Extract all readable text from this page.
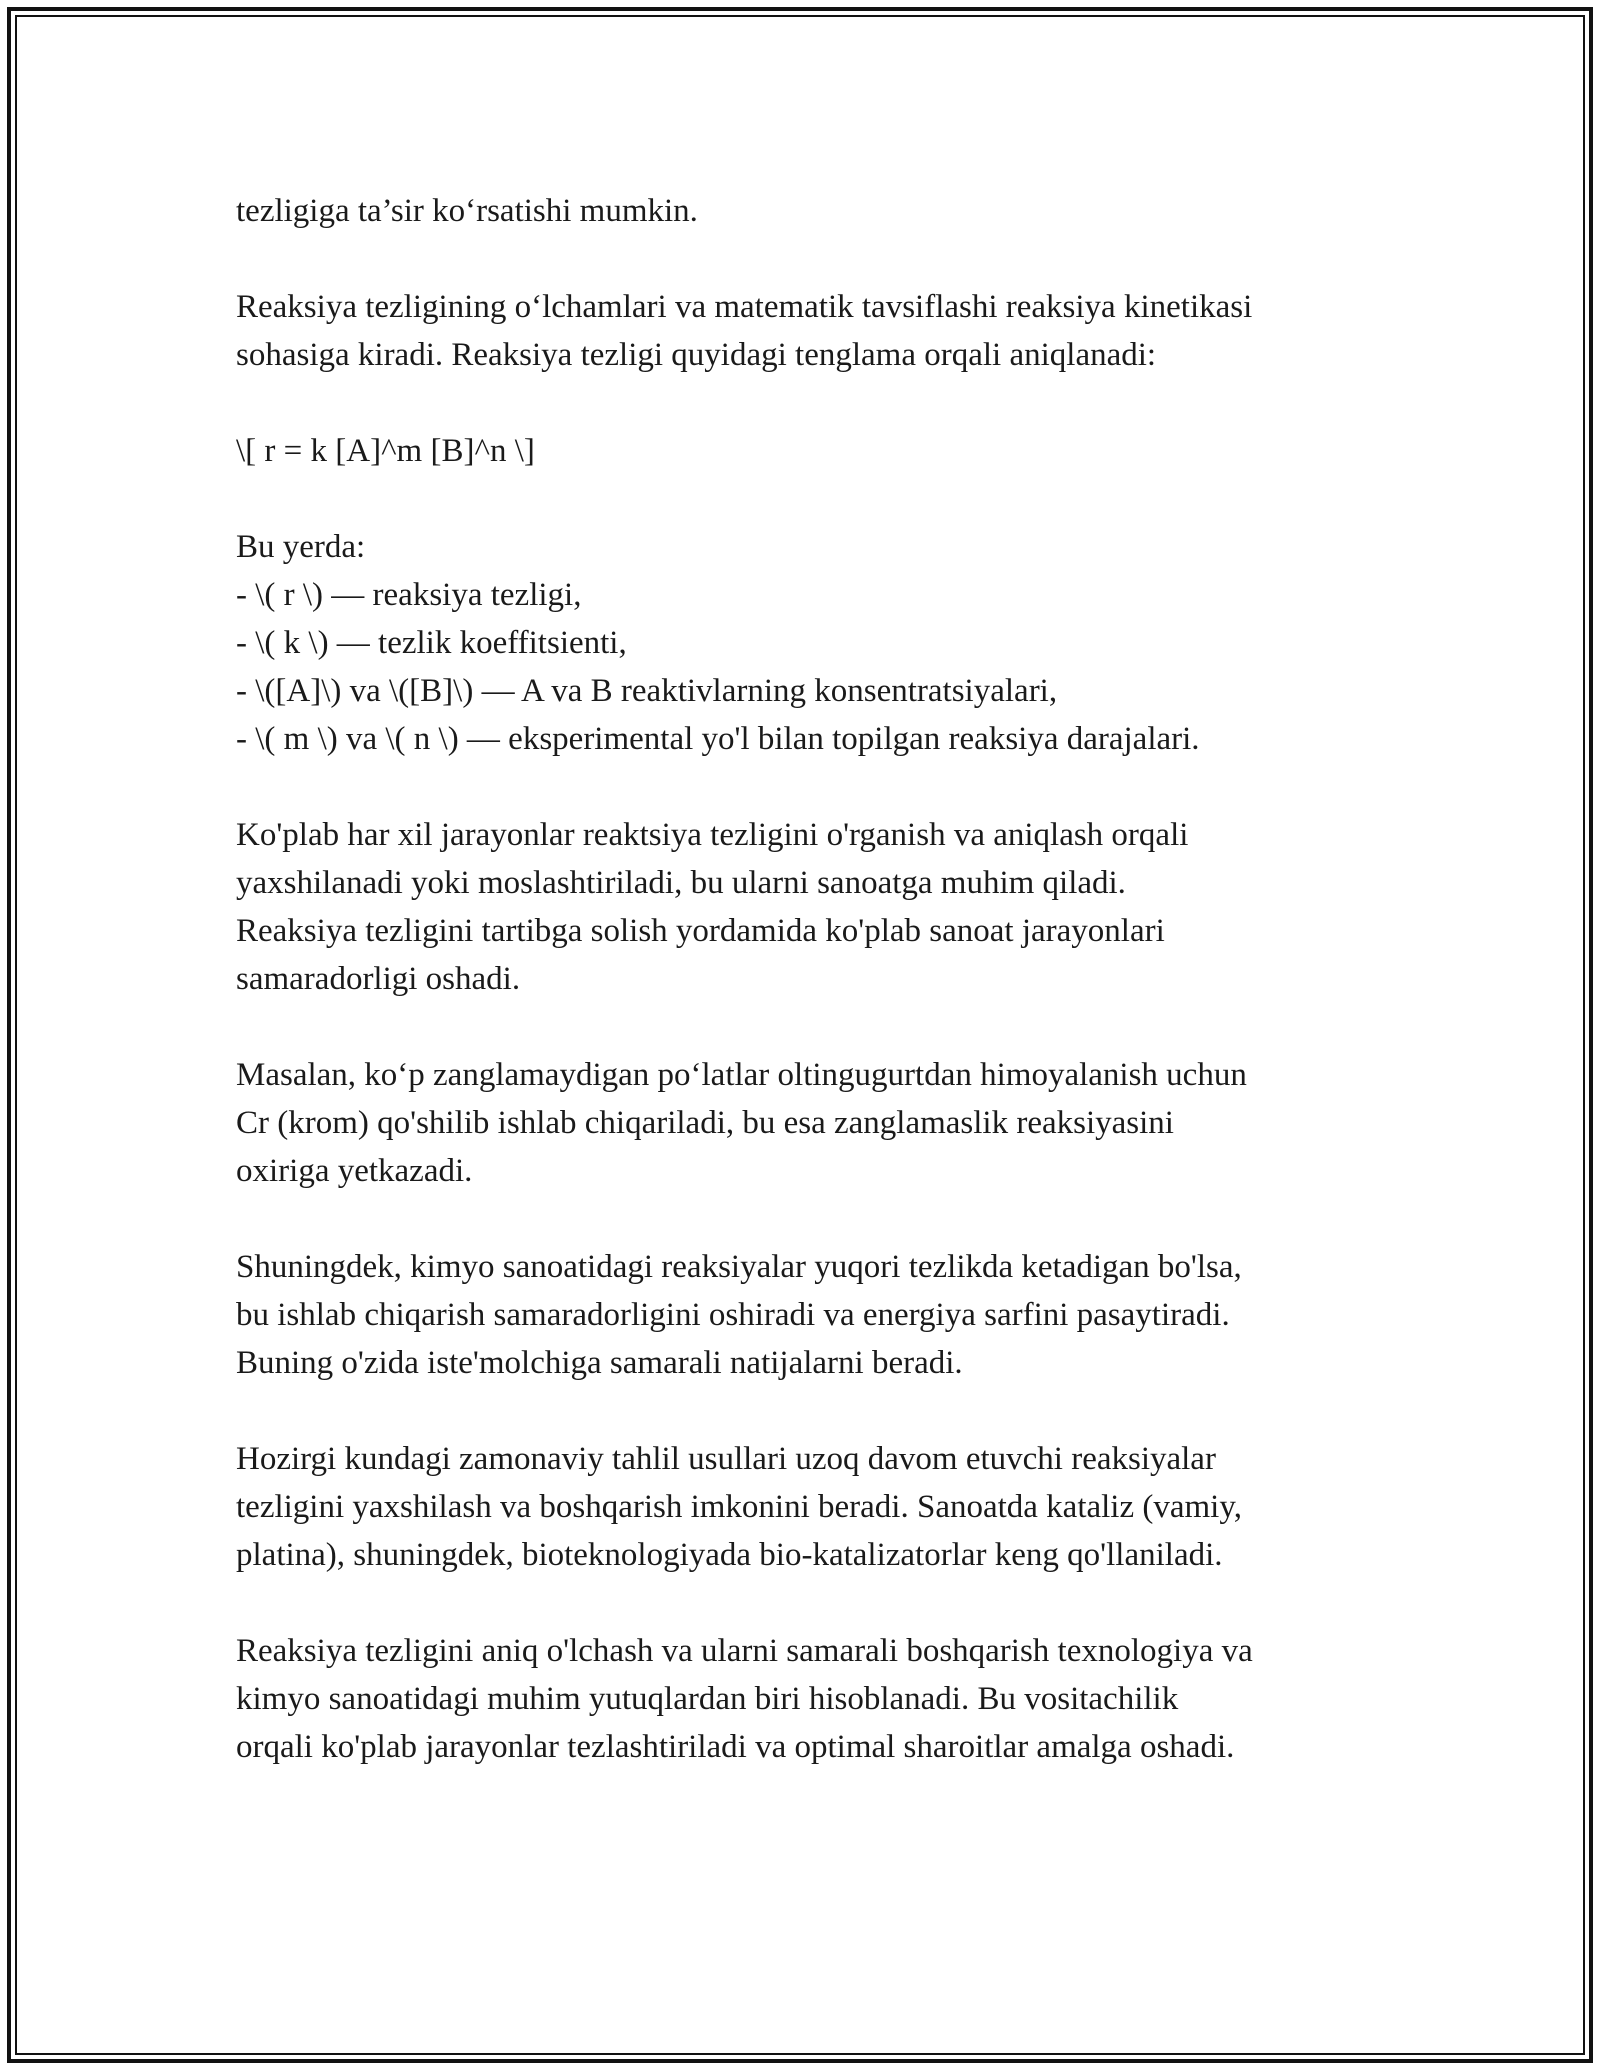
tezligiga ta’sir ko‘rsatishi mumkin.

Reaksiya tezligining o‘lchamlari va matematik tavsiflashi reaksiya kinetikasi
sohasiga kiradi. Reaksiya tezligi quyidagi tenglama orqali aniqlanadi:

\[ r = k [A]^m [B]^n \]

Bu yerda:
- \( r \) — reaksiya tezligi,
- \( k \) — tezlik koeffitsienti,
- \([A]\) va \([B]\) — A va B reaktivlarning konsentratsiyalari,
- \( m \) va \( n \) — eksperimental yo'l bilan topilgan reaksiya darajalari.

Ko'plab har xil jarayonlar reaktsiya tezligini o'rganish va aniqlash orqali
yaxshilanadi yoki moslashtiriladi, bu ularni sanoatga muhim qiladi.
Reaksiya tezligini tartibga solish yordamida ko'plab sanoat jarayonlari
samaradorligi oshadi.

Masalan, ko‘p zanglamaydigan po‘latlar oltingugurtdan himoyalanish uchun
Cr (krom) qo'shilib ishlab chiqariladi, bu esa zanglamaslik reaksiyasini
oxiriga yetkazadi.

Shuningdek, kimyo sanoatidagi reaksiyalar yuqori tezlikda ketadigan bo'lsa,
bu ishlab chiqarish samaradorligini oshiradi va energiya sarfini pasaytiradi.
Buning o'zida iste'molchiga samarali natijalarni beradi.

Hozirgi kundagi zamonaviy tahlil usullari uzoq davom etuvchi reaksiyalar
tezligini yaxshilash va boshqarish imkonini beradi. Sanoatda kataliz (vamiy,
platina), shuningdek, bioteknologiyada bio-katalizatorlar keng qo'llaniladi.

Reaksiya tezligini aniq o'lchash va ularni samarali boshqarish texnologiya va
kimyo sanoatidagi muhim yutuqlardan biri hisoblanadi. Bu vositachilik
orqali ko'plab jarayonlar tezlashtiriladi va optimal sharoitlar amalga oshadi.
